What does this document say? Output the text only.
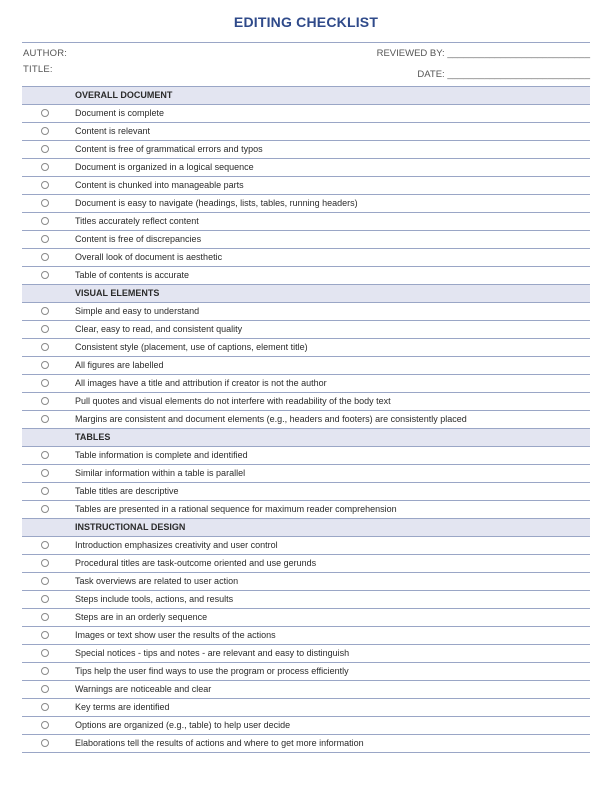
EDITING CHECKLIST
AUTHOR:
TITLE:
REVIEWED BY: ___________________________
DATE: ___________________________
OVERALL DOCUMENT
Document is complete
Content is relevant
Content is free of grammatical errors and typos
Document is organized in a logical sequence
Content is chunked into manageable parts
Document is easy to navigate (headings, lists, tables, running headers)
Titles accurately reflect content
Content is free of discrepancies
Overall look of document is aesthetic
Table of contents is accurate
VISUAL ELEMENTS
Simple and easy to understand
Clear, easy to read, and consistent quality
Consistent style (placement, use of captions, element title)
All figures are labelled
All images have a title and attribution if creator is not the author
Pull quotes and visual elements do not interfere with readability of the body text
Margins are consistent and document elements (e.g., headers and footers) are consistently placed
TABLES
Table information is complete and identified
Similar information within a table is parallel
Table titles are descriptive
Tables are presented in a rational sequence for maximum reader comprehension
INSTRUCTIONAL DESIGN
Introduction emphasizes creativity and user control
Procedural titles are task-outcome oriented and use gerunds
Task overviews are related to user action
Steps include tools, actions, and results
Steps are in an orderly sequence
Images or text show user the results of the actions
Special notices - tips and notes - are relevant and easy to distinguish
Tips help the user find ways to use the program or process efficiently
Warnings are noticeable and clear
Key terms are identified
Options are organized (e.g., table) to help user decide
Elaborations tell the results of actions and where to get more information
